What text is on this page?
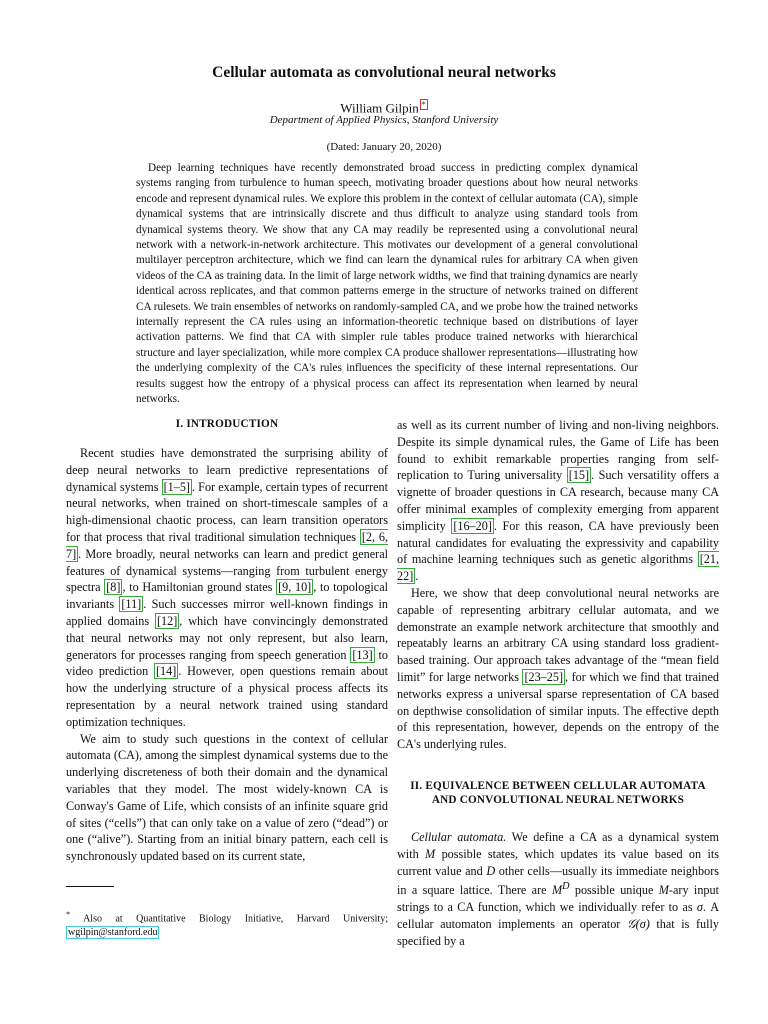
Cellular automata as convolutional neural networks
William Gilpin *
Department of Applied Physics, Stanford University
(Dated: January 20, 2020)
Deep learning techniques have recently demonstrated broad success in predicting complex dynamical systems ranging from turbulence to human speech, motivating broader questions about how neural networks encode and represent dynamical rules. We explore this problem in the context of cellular automata (CA), simple dynamical systems that are intrinsically discrete and thus difficult to analyze using standard tools from dynamical systems theory. We show that any CA may readily be represented using a convolutional neural network with a network-in-network architecture. This motivates our development of a general convolutional multilayer perceptron architecture, which we find can learn the dynamical rules for arbitrary CA when given videos of the CA as training data. In the limit of large network widths, we find that training dynamics are nearly identical across replicates, and that common patterns emerge in the structure of networks trained on different CA rulesets. We train ensembles of networks on randomly-sampled CA, and we probe how the trained networks internally represent the CA rules using an information-theoretic technique based on distributions of layer activation patterns. We find that CA with simpler rule tables produce trained networks with hierarchical structure and layer specialization, while more complex CA produce shallower representations—illustrating how the underlying complexity of the CA's rules influences the specificity of these internal representations. Our results suggest how the entropy of a physical process can affect its representation when learned by neural networks.
I. INTRODUCTION

Recent studies have demonstrated the surprising ability of deep neural networks to learn predictive representations of dynamical systems [1–5] . For example, certain types of recurrent neural networks, when trained on short-timescale samples of a high-dimensional chaotic process, can learn transition operators for that process that rival traditional simulation techniques [2, 6, 7] . More broadly, neural networks can learn and predict general features of dynamical systems—ranging from turbulent energy spectra [8] , to Hamiltonian ground states [9, 10] , to topological invariants [11] . Such successes mirror well-known findings in applied domains [12] , which have convincingly demonstrated that neural networks may not only represent, but also learn, generators for processes ranging from speech generation [13] to video prediction [14] . However, open questions remain about how the underlying structure of a physical process affects its representation by a neural network trained using standard optimization techniques.

We aim to study such questions in the context of cellular automata (CA), among the simplest dynamical systems due to the underlying discreteness of both their domain and the dynamical variables that they model. The most widely-known CA is Conway's Game of Life, which consists of an infinite square grid of sites (“cells”) that can only take on a value of zero (“dead”) or one (“alive”). Starting from an initial binary pattern, each cell is synchronously updated based on its current state,

as well as its current number of living and non-living neighbors. Despite its simple dynamical rules, the Game of Life has been found to exhibit remarkable properties ranging from self-replication to Turing universality [15] . Such versatility offers a vignette of broader questions in CA research, because many CA offer minimal examples of complexity emerging from apparent simplicity [16–20] . For this reason, CA have previously been natural candidates for evaluating the expressivity and capability of machine learning techniques such as genetic algorithms [21, 22] .

Here, we show that deep convolutional neural networks are capable of representing arbitrary cellular automata, and we demonstrate an example network architecture that smoothly and repeatably learns an arbitrary CA using standard loss gradient-based training. Our approach takes advantage of the “mean field limit” for large networks [23–25] , for which we find that trained networks express a universal sparse representation of CA based on depthwise consolidation of similar inputs. The effective depth of this representation, however, depends on the entropy of the CA's underlying rules.

II. EQUIVALENCE BETWEEN CELLULAR AUTOMATA AND CONVOLUTIONAL NEURAL NETWORKS

Cellular automata. We define a CA as a dynamical system with M possible states, which updates its value based on its current value and D other cells—usually its immediate neighbors in a square lattice. There are $M^D$ possible unique M-ary input strings to a CA function, which we individually refer to as σ. A cellular automaton implements an operator 𝒢(σ) that is fully specified by a

* Also at Quantitative Biology Initiative, Harvard University; wgilpin@stanford.edu
